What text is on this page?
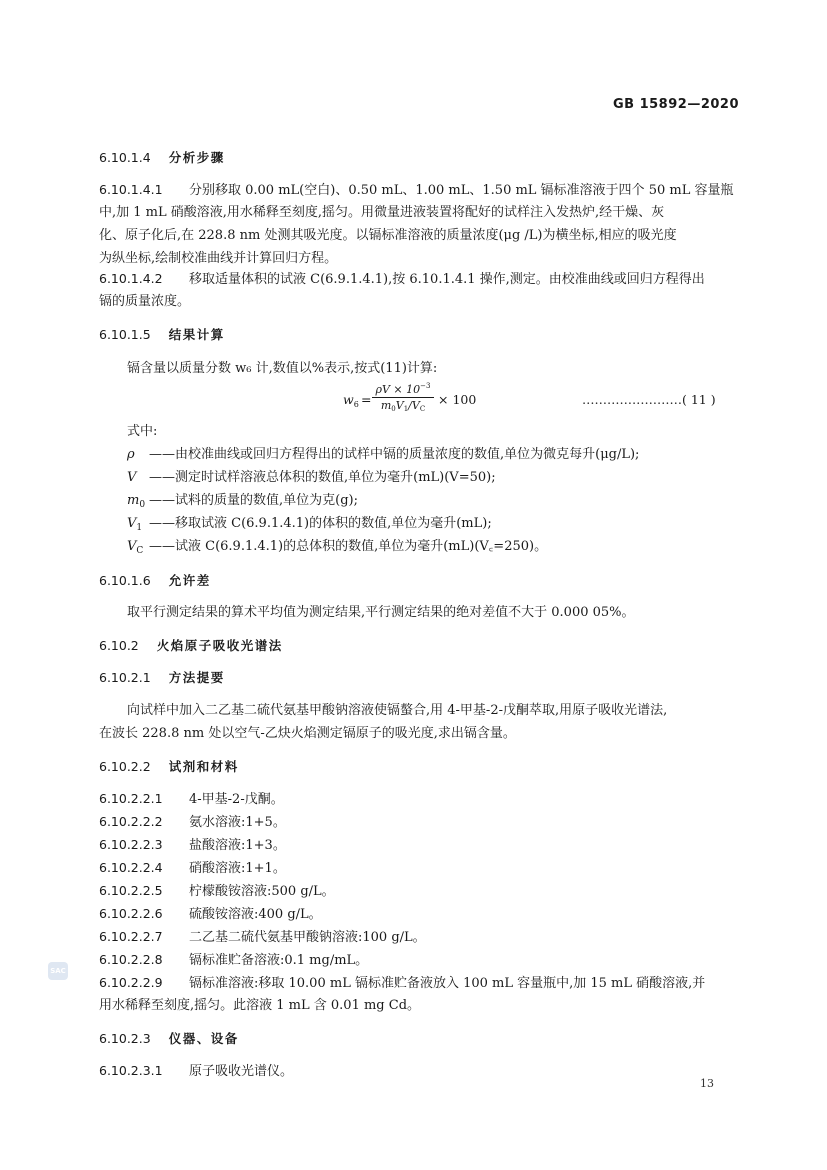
GB 15892—2020
6.10.1.4 分析步骤
6.10.1.4.1 分别移取 0.00 mL(空白)、0.50 mL、1.00 mL、1.50 mL 镉标准溶液于四个 50 mL 容量瓶
中,加 1 mL 硝酸溶液,用水稀释至刻度,摇匀。用微量进液装置将配好的试样注入发热炉,经干燥、灰
化、原子化后,在 228.8 nm 处测其吸光度。以镉标准溶液的质量浓度(μg /L)为横坐标,相应的吸光度
为纵坐标,绘制校准曲线并计算回归方程。
6.10.1.4.2 移取适量体积的试液 C(6.9.1.4.1),按 6.10.1.4.1 操作,测定。由校准曲线或回归方程得出
镉的质量浓度。
6.10.1.5 结果计算
镉含量以质量分数 w₆ 计,数值以%表示,按式(11)计算:
$w_6 = \frac{\rho V \times 10^{-3}}{m_0V_1/V_C} \times 100$	……………………( 11 )
式中:
ρ ——由校准曲线或回归方程得出的试样中镉的质量浓度的数值,单位为微克每升(μg/L);
V ——测定时试样溶液总体积的数值,单位为毫升(mL)(V=50);
$m_0$ ——试料的质量的数值,单位为克(g);
$V_1$ ——移取试液 C(6.9.1.4.1)的体积的数值,单位为毫升(mL);
$V_C$ ——试液 C(6.9.1.4.1)的总体积的数值,单位为毫升(mL)(V꜀=250)。
6.10.1.6 允许差
取平行测定结果的算术平均值为测定结果,平行测定结果的绝对差值不大于 0.000 05%。
6.10.2 火焰原子吸收光谱法
6.10.2.1 方法提要
向试样中加入二乙基二硫代氨基甲酸钠溶液使镉螯合,用 4-甲基-2-戊酮萃取,用原子吸收光谱法,
在波长 228.8 nm 处以空气-乙炔火焰测定镉原子的吸光度,求出镉含量。
6.10.2.2 试剂和材料
6.10.2.2.1 4-甲基-2-戊酮。
6.10.2.2.2 氨水溶液:1+5。
6.10.2.2.3 盐酸溶液:1+3。
6.10.2.2.4 硝酸溶液:1+1。
6.10.2.2.5 柠檬酸铵溶液:500 g/L。
6.10.2.2.6 硫酸铵溶液:400 g/L。
6.10.2.2.7 二乙基二硫代氨基甲酸钠溶液:100 g/L。
6.10.2.2.8 镉标准贮备溶液:0.1 mg/mL。
6.10.2.2.9 镉标准溶液:移取 10.00 mL 镉标准贮备液放入 100 mL 容量瓶中,加 15 mL 硝酸溶液,并
用水稀释至刻度,摇匀。此溶液 1 mL 含 0.01 mg Cd。
6.10.2.3 仪器、设备
6.10.2.3.1 原子吸收光谱仪。
SAC
13
